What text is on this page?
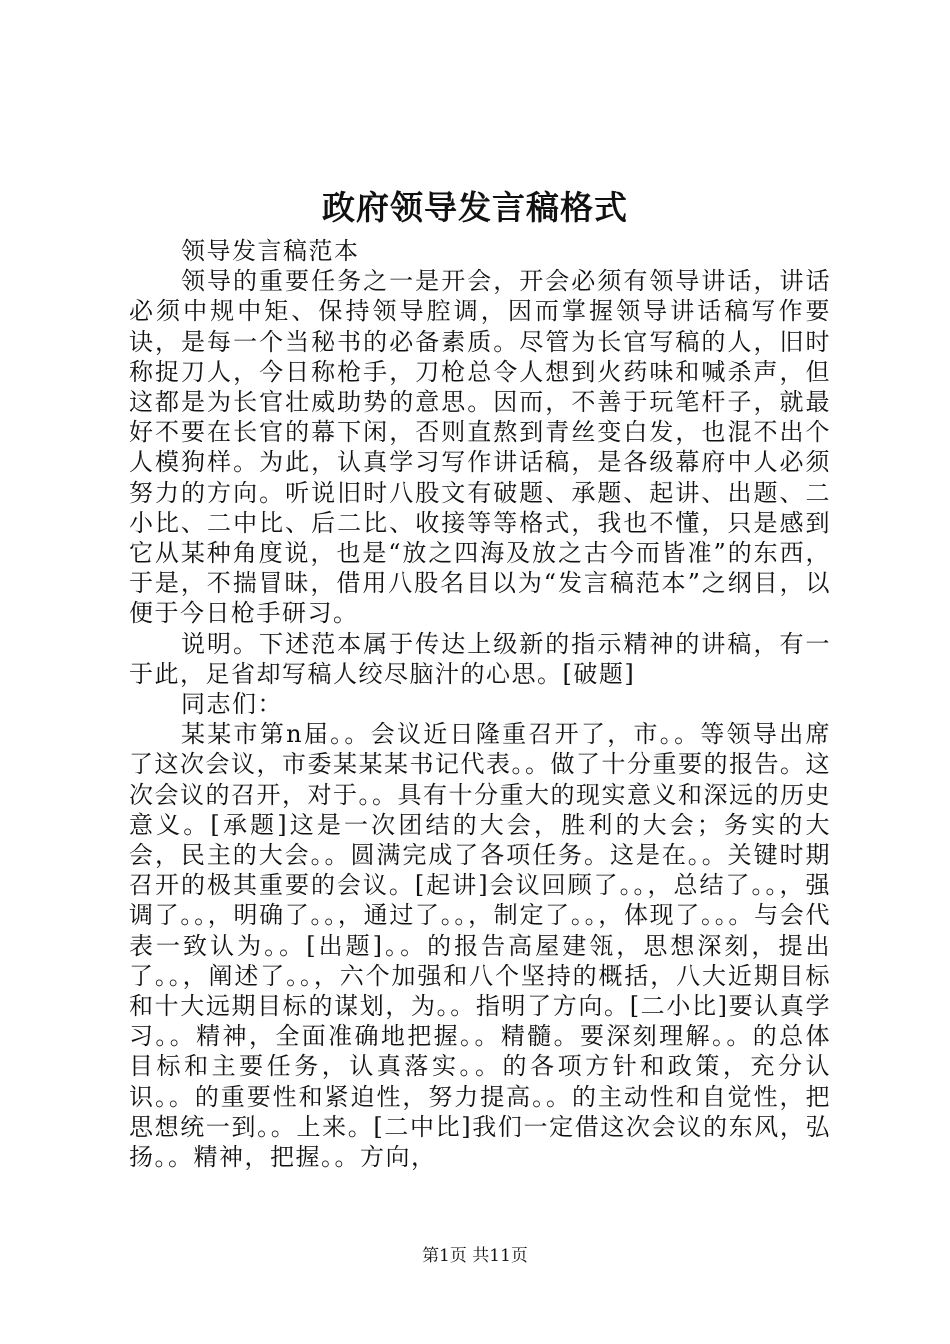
政府领导发言稿格式

领导发言稿范本

领导的重要任务之一是开会，开会必须有领导讲话，讲话必须中规中矩、保持领导腔调，因而掌握领导讲话稿写作要诀，是每一个当秘书的必备素质。尽管为长官写稿的人，旧时称捉刀人，今日称枪手，刀枪总令人想到火药味和喊杀声，但这都是为长官壮威助势的意思。因而，不善于玩笔杆子，就最好不要在长官的幕下闲，否则直熬到青丝变白发，也混不出个人模狗样。为此，认真学习写作讲话稿，是各级幕府中人必须努力的方向。听说旧时八股文有破题、承题、起讲、出题、二小比、二中比、后二比、收接等等格式，我也不懂，只是感到它从某种角度说，也是“放之四海及放之古今而皆准”的东西，于是，不揣冒昧，借用八股名目以为“发言稿范本”之纲目，以便于今日枪手研习。

说明。下述范本属于传达上级新的指示精神的讲稿，有一于此，足省却写稿人绞尽脑汁的心思。[破题]

同志们：

某某市第n届。。会议近日隆重召开了，市。。等领导出席了这次会议，市委某某某书记代表。。做了十分重要的报告。这次会议的召开，对于。。具有十分重大的现实意义和深远的历史意义。[承题]这是一次团结的大会，胜利的大会；务实的大会，民主的大会。。圆满完成了各项任务。这是在。。关键时期召开的极其重要的会议。[起讲]会议回顾了。。，总结了。。，强调了。。，明确了。。，通过了。。，制定了。。，体现了。。。与会代表一致认为。。[出题]。。的报告高屋建瓴，思想深刻，提出了。。，阐述了。。，六个加强和八个坚持的概括，八大近期目标和十大远期目标的谋划，为。。指明了方向。[二小比]要认真学习。。精神，全面准确地把握。。精髓。要深刻理解。。的总体目标和主要任务，认真落实。。的各项方针和政策，充分认识。。的重要性和紧迫性，努力提高。。的主动性和自觉性，把思想统一到。。上来。[二中比]我们一定借这次会议的东风，弘扬。。精神，把握。。方向，

第1页 共11页
